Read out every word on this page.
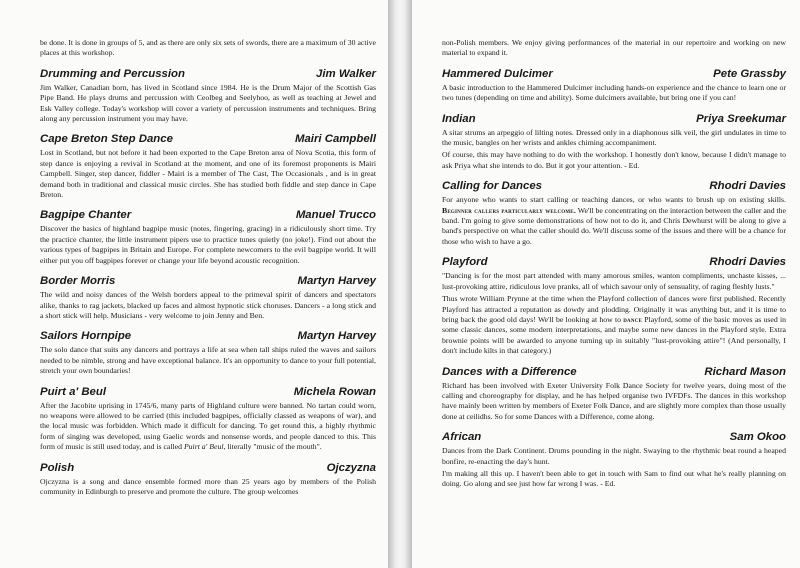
be done. It is done in groups of 5, and as there are only six sets of swords, there are a maximum of 30 active places at this workshop.

Drumming and Percussion	Jim Walker

Jim Walker, Canadian born, has lived in Scotland since 1984. He is the Drum Major of the Scottish Gas Pipe Band. He plays drums and percussion with Ceolbeg and Seelyhoo, as well as teaching at Jewel and Esk Valley college. Today's workshop will cover a variety of percussion instruments and techniques. Bring along any percussion instrument you may have.

Cape Breton Step Dance	Mairi Campbell

Lost in Scotland, but not before it had been exported to the Cape Breton area of Nova Scotia, this form of step dance is enjoying a revival in Scotland at the moment, and one of its foremost proponents is Mairi Campbell. Singer, step dancer, fiddler - Mairi is a member of The Cast, The Occasionals , and is in great demand both in traditional and classical music circles. She has studied both fiddle and step dance in Cape Breton.

Bagpipe Chanter	Manuel Trucco

Discover the basics of highland bagpipe music (notes, fingering, gracing) in a ridiculously short time. Try the practice chanter, the little instrument pipers use to practice tunes quietly (no joke!). Find out about the various types of bagpipes in Britain and Europe. For complete newcomers to the evil bagpipe world. It will either put you off bagpipes forever or change your life beyond acoustic recognition.

Border Morris	Martyn Harvey

The wild and noisy dances of the Welsh borders appeal to the primeval spirit of dancers and spectators alike, thanks to rag jackets, blacked up faces and almost hypnotic stick choruses. Dancers - a long stick and a short stick will help. Musicians - very welcome to join Jenny and Ben.

Sailors Hornpipe	Martyn Harvey

The solo dance that suits any dancers and portrays a life at sea when tall ships ruled the waves and sailors needed to be nimble, strong and have exceptional balance. It's an opportunity to dance to your full potential, stretch your own boundaries!

Puirt a' Beul	Michela Rowan

After the Jacobite uprising in 1745/6, many parts of Highland culture were banned. No tartan could worn, no weapons were allowed to be carried (this included bagpipes, officially classed as weapons of war), and the local music was forbidden. Which made it difficult for dancing. To get round this, a highly rhythmic form of singing was developed, using Gaelic words and nonsense words, and people danced to this. This form of music is still used today, and is called Puirt a' Beul, literally "music of the mouth".

Polish	Ojczyzna

Ojczyzna is a song and dance ensemble formed more than 25 years ago by members of the Polish community in Edinburgh to preserve and promote the culture. The group welcomes

non-Polish members. We enjoy giving performances of the material in our repertoire and working on new material to expand it.

Hammered Dulcimer	Pete Grassby

A basic introduction to the Hammered Dulcimer including hands-on experience and the chance to learn one or two tunes (depending on time and ability). Some dulcimers available, but bring one if you can!

Indian	Priya Sreekumar

A sitar strums an arpeggio of lilting notes. Dressed only in a diaphonous silk veil, the girl undulates in time to the music, bangles on her wrists and ankles chiming accompaniment.

Of course, this may have nothing to do with the workshop. I honestly don't know, because I didn't manage to ask Priya what she intends to do. But it got your attention. - Ed.

Calling for Dances	Rhodri Davies

For anyone who wants to start calling or teaching dances, or who wants to brush up on existing skills. Beginner callers particularly welcome. We'll be concentrating on the interaction between the caller and the band. I'm going to give some demonstrations of how not to do it, and Chris Dewhurst will be along to give a band's perspective on what the caller should do. We'll discuss some of the issues and there will be a chance for those who wish to have a go.

Playford	Rhodri Davies

"Dancing is for the most part attended with many amorous smiles, wanton compliments, unchaste kisses, ... lust-provoking attire, ridiculous love pranks, all of which savour only of sensuality, of raging fleshly lusts."

Thus wrote William Prynne at the time when the Playford collection of dances were first published. Recently Playford has attracted a reputation as dowdy and plodding. Originally it was anything but, and it is time to bring back the good old days! We'll be looking at how to dance Playford, some of the basic moves as used in some classic dances, some modern interpretations, and maybe some new dances in the Playford style. Extra brownie points will be awarded to anyone turning up in suitably "lust-provoking attire"! (And personally, I don't include kilts in that category.)

Dances with a Difference	Richard Mason

Richard has been involved with Exeter University Folk Dance Society for twelve years, doing most of the calling and choreography for display, and he has helped organise two IVFDFs. The dances in this workshop have mainly been written by members of Exeter Folk Dance, and are slightly more complex than those usually done at ceilidhs. So for some Dances with a Difference, come along.

African	Sam Okoo

Dances from the Dark Continent. Drums pounding in the night. Swaying to the rhythmic beat round a heaped bonfire, re-enacting the day's hunt.

I'm making all this up. I haven't been able to get in touch with Sam to find out what he's really planning on doing. Go along and see just how far wrong I was. - Ed.
